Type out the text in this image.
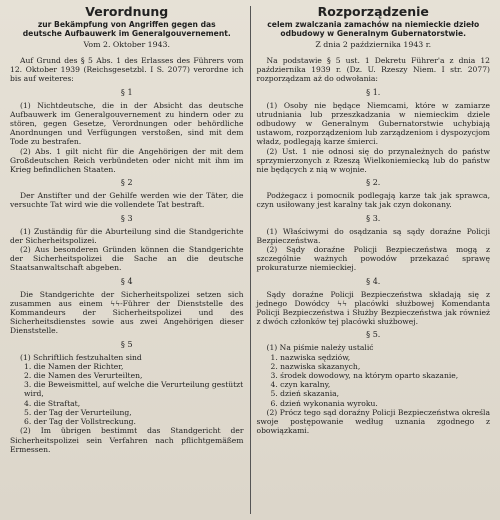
Verordnung
zur Bekämpfung von Angriffen gegen das deutsche Aufbauwerk im Generalgouvernement.
Vom 2. Oktober 1943.

Auf Grund des § 5 Abs. 1 des Erlasses des Führers vom 12. Oktober 1939 (Reichsgesetzbl. I S. 2077) verordne ich bis auf weiteres:

§ 1

(1) Nichtdeutsche, die in der Absicht das deutsche Aufbauwerk im Generalgouvernement zu hindern oder zu stören, gegen Gesetze, Verordnungen oder behördliche Anordnungen und Verfügungen verstoßen, sind mit dem Tode zu bestrafen.

(2) Abs. 1 gilt nicht für die Angehörigen der mit dem Großdeutschen Reich verbündeten oder nicht mit ihm im Krieg befindlichen Staaten.

§ 2

Der Anstifter und der Gehilfe werden wie der Täter, die versuchte Tat wird wie die vollendete Tat bestraft.

§ 3

(1) Zuständig für die Aburteilung sind die Standgerichte der Sicherheitspolizei.

(2) Aus besonderen Gründen können die Standgerichte der Sicherheitspolizei die Sache an die deutsche Staatsanwaltschaft abgeben.

§ 4

Die Standgerichte der Sicherheitspolizei setzen sich zusammen aus einem ϟϟ-Führer der Dienststelle des Kommandeurs der Sicherheitspolizei und des Sicherheitsdienstes sowie aus zwei Angehörigen dieser Dienststelle.

§ 5

(1) Schriftlich festzuhalten sind

1. die Namen der Richter,
2. die Namen des Verurteilten,
3. die Beweismittel, auf welche die Verurteilung gestützt wird,
4. die Straftat,
5. der Tag der Verurteilung,
6. der Tag der Vollstreckung.

(2) Im übrigen bestimmt das Standgericht der Sicherheitspolizei sein Verfahren nach pflichtgemäßem Ermessen.

Rozporządzenie
celem zwalczania zamachów na niemieckie dzieło odbudowy w Generalnym Gubernatorstwie.
Z dnia 2 października 1943 r.

Na podstawie § 5 ust. 1 Dekretu Führer'a z dnia 12 października 1939 r. (Dz. U. Rzeszy Niem. I str. 2077) rozporządzam aż do odwołania:

§ 1.

(1) Osoby nie będące Niemcami, które w zamiarze utrudniania lub przeszkadzania w niemieckim dziele odbudowy w Generalnym Gubernatorstwie uchybiają ustawom, rozporządzeniom lub zarządzeniom i dyspozycjom władz, podlegają karze śmierci.

(2) Ust. 1 nie odnosi się do przynależnych do państw sprzymierzonych z Rzeszą Wielkoniemiecką lub do państw nie będących z nią w wojnie.

§ 2.

Podżegacz i pomocnik podlegają karze tak jak sprawca, czyn usiłowany jest karalny tak jak czyn dokonany.

§ 3.

(1) Właściwymi do osądzania są sądy doraźne Policji Bezpieczeństwa.

(2) Sądy doraźne Policji Bezpieczeństwa mogą z szczególnie ważnych powodów przekazać sprawę prokuraturze niemieckiej.

§ 4.

Sądy doraźne Policji Bezpieczeństwa składają się z jednego Dowódcy ϟϟ placówki służbowej Komendanta Policji Bezpieczeństwa i Służby Bezpieczeństwa jak również z dwóch członków tej placówki służbowej.

§ 5.

(1) Na piśmie należy ustalić

1. nazwiska sędziów,
2. nazwiska skazanych,
3. środek dowodowy, na którym oparto skazanie,
4. czyn karalny,
5. dzień skazania,
6. dzień wykonania wyroku.

(2) Prócz tego sąd doraźny Policji Bezpieczeństwa określa swoje postępowanie według uznania zgodnego z obowiązkami.
